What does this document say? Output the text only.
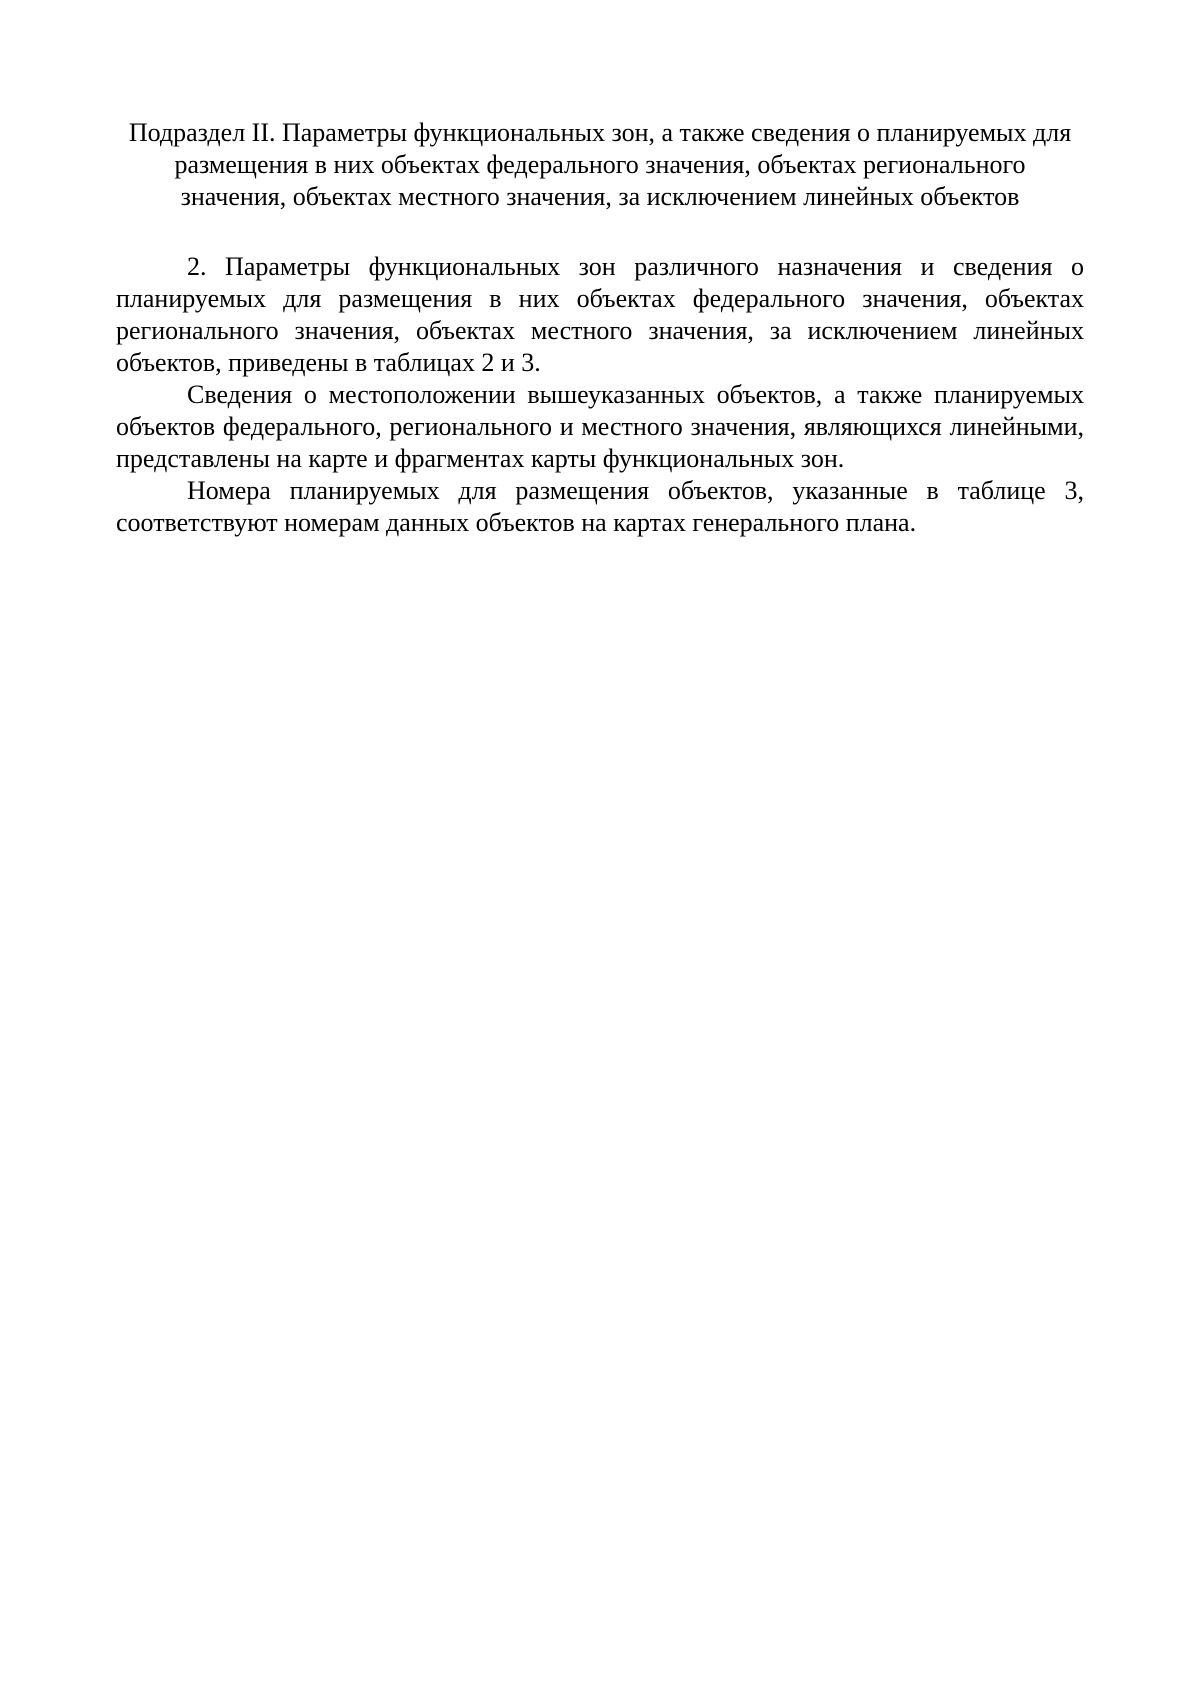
Подраздел II. Параметры функциональных зон, а также сведения о планируемых для
размещения в них объектах федерального значения, объектах регионального
значения, объектах местного значения, за исключением линейных объектов

2. Параметры функциональных зон различного назначения и сведения о планируемых для размещения в них объектах федерального значения, объектах регионального значения, объектах местного значения, за исключением линейных объектов, приведены в таблицах 2 и 3.

Сведения о местоположении вышеуказанных объектов, а также планируемых объектов федерального, регионального и местного значения, являющихся линейными, представлены на карте и фрагментах карты функциональных зон.

Номера планируемых для размещения объектов, указанные в таблице 3, соответствуют номерам данных объектов на картах генерального плана.
